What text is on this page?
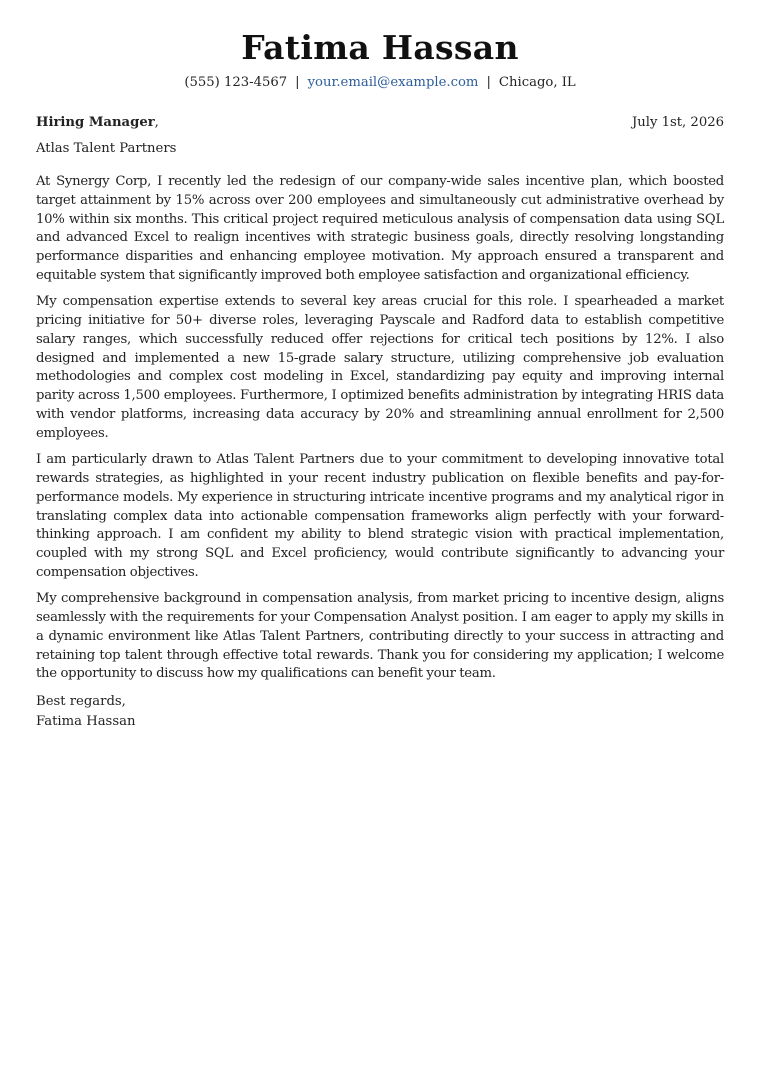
Fatima Hassan
(555) 123-4567 | your.email@example.com | Chicago, IL
Hiring Manager,	July 1st, 2026
Atlas Talent Partners

At Synergy Corp, I recently led the redesign of our company-wide sales incentive plan, which boosted target attainment by 15% across over 200 employees and simultaneously cut administrative overhead by 10% within six months. This critical project required meticulous analysis of compensation data using SQL and advanced Excel to realign incentives with strategic business goals, directly resolving longstanding performance disparities and enhancing employee motivation. My approach ensured a transparent and equitable system that significantly improved both employee satisfaction and organizational efficiency.

My compensation expertise extends to several key areas crucial for this role. I spearheaded a market pricing initiative for 50+ diverse roles, leveraging Payscale and Radford data to establish competitive salary ranges, which successfully reduced offer rejections for critical tech positions by 12%. I also designed and implemented a new 15-grade salary structure, utilizing comprehensive job evaluation methodologies and complex cost modeling in Excel, standardizing pay equity and improving internal parity across 1,500 employees. Furthermore, I optimized benefits administration by integrating HRIS data with vendor platforms, increasing data accuracy by 20% and streamlining annual enrollment for 2,500 employees.

I am particularly drawn to Atlas Talent Partners due to your commitment to developing innovative total rewards strategies, as highlighted in your recent industry publication on flexible benefits and pay-for-performance models. My experience in structuring intricate incentive programs and my analytical rigor in translating complex data into actionable compensation frameworks align perfectly with your forward-thinking approach. I am confident my ability to blend strategic vision with practical implementation, coupled with my strong SQL and Excel proficiency, would contribute significantly to advancing your compensation objectives.

My comprehensive background in compensation analysis, from market pricing to incentive design, aligns seamlessly with the requirements for your Compensation Analyst position. I am eager to apply my skills in a dynamic environment like Atlas Talent Partners, contributing directly to your success in attracting and retaining top talent through effective total rewards. Thank you for considering my application; I welcome the opportunity to discuss how my qualifications can benefit your team.

Best regards,
Fatima Hassan
